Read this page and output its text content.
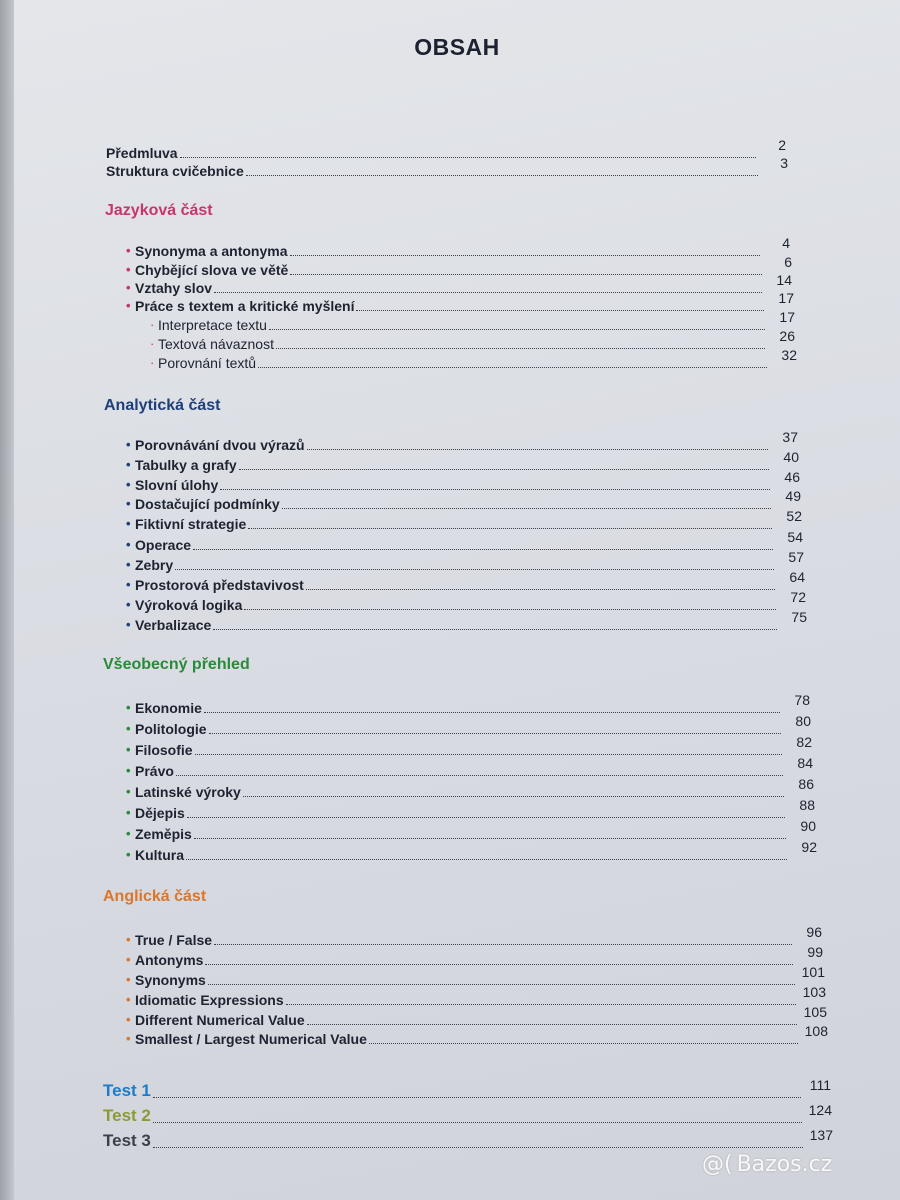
OBSAH
Předmluva	2
Struktura cvičebnice	3
Jazyková část
• Synonyma a antonyma	4
• Chybějící slova ve větě	6
• Vztahy slov	14
• Práce s textem a kritické myšlení	17
· Interpretace textu	17
· Textová návaznost	26
· Porovnání textů	32
Analytická část
• Porovnávání dvou výrazů	37
• Tabulky a grafy	40
• Slovní úlohy	46
• Dostačující podmínky	49
• Fiktivní strategie	52
• Operace	54
• Zebry	57
• Prostorová představivost	64
• Výroková logika	72
• Verbalizace	75
Všeobecný přehled
• Ekonomie	78
• Politologie	80
• Filosofie	82
• Právo	84
• Latinské výroky	86
• Dějepis	88
• Zeměpis	90
• Kultura	92
Anglická část
• True / False	96
• Antonyms	99
• Synonyms	101
• Idiomatic Expressions	103
• Different Numerical Value	105
• Smallest / Largest Numerical Value	108
Test 1	111
Test 2	124
Test 3	137
@( Bazos.cz
